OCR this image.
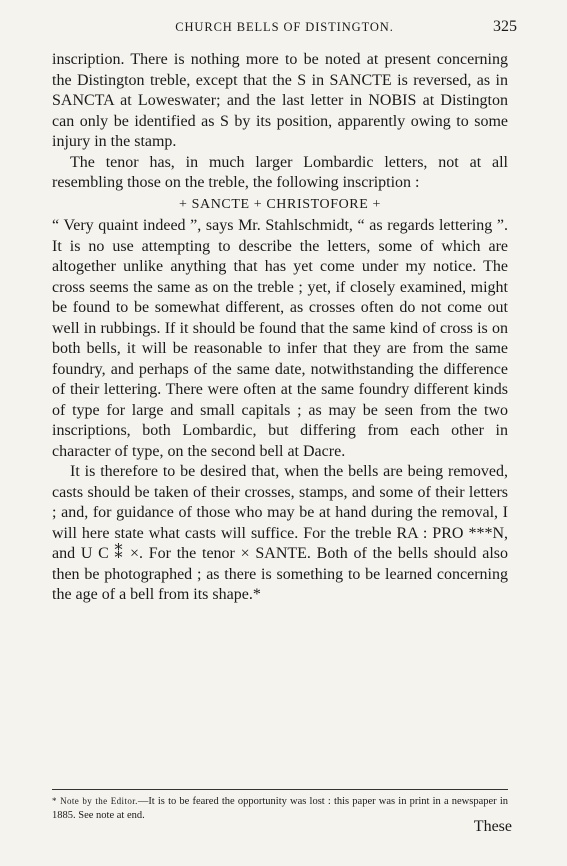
CHURCH BELLS OF DISTINGTON.	325

inscription. There is nothing more to be noted at present concerning the Distington treble, except that the S in SANCTE is reversed, as in SANCTA at Loweswater; and the last letter in NOBIS at Distington can only be identified as S by its position, apparently owing to some injury in the stamp.

The tenor has, in much larger Lombardic letters, not at all resembling those on the treble, the following inscription :

+ SANCTE + CHRISTOFORE +

“ Very quaint indeed ”, says Mr. Stahlschmidt, “ as regards lettering ”. It is no use attempting to describe the letters, some of which are altogether unlike anything that has yet come under my notice. The cross seems the same as on the treble ; yet, if closely examined, might be found to be somewhat different, as crosses often do not come out well in rubbings. If it should be found that the same kind of cross is on both bells, it will be reasonable to infer that they are from the same foundry, and perhaps of the same date, notwithstanding the difference of their lettering. There were often at the same foundry different kinds of type for large and small capitals ; as may be seen from the two inscriptions, both Lombardic, but differing from each other in character of type, on the second bell at Dacre.

It is therefore to be desired that, when the bells are being removed, casts should be taken of their crosses, stamps, and some of their letters ; and, for guidance of those who may be at hand during the removal, I will here state what casts will suffice. For the treble RA : PRO ***N, and U C ⁑ ×. For the tenor × SANTE. Both of the bells should also then be photographed ; as there is something to be learned concerning the age of a bell from its shape.*

* Note by the Editor.—It is to be feared the opportunity was lost : this paper was in print in a newspaper in 1885. See note at end.
These
